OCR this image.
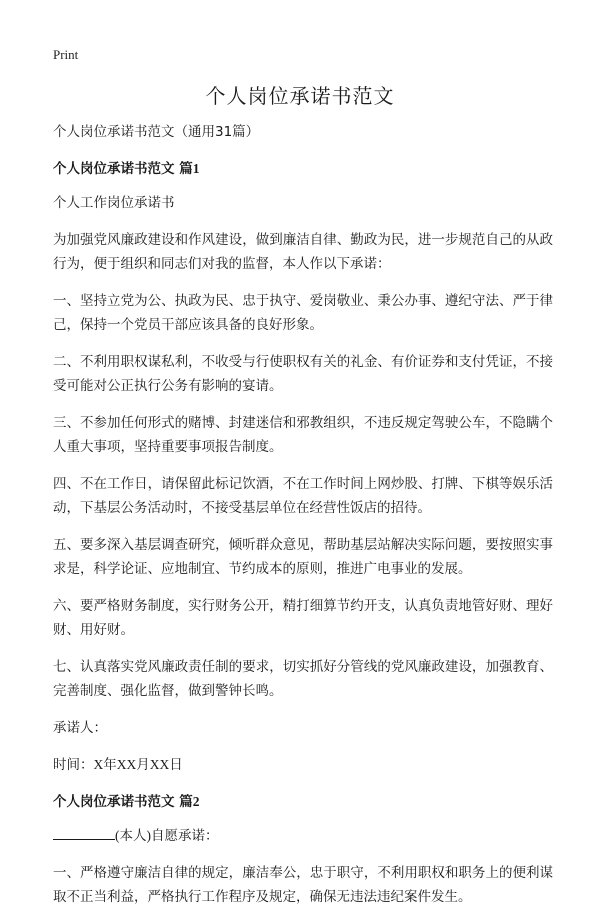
Print
个人岗位承诺书范文

个人岗位承诺书范文（通用31篇）

个人岗位承诺书范文 篇1

个人工作岗位承诺书

为加强党风廉政建设和作风建设，做到廉洁自律、勤政为民，进一步规范自己的从政行为，便于组织和同志们对我的监督，本人作以下承诺：

一、坚持立党为公、执政为民、忠于执守、爱岗敬业、秉公办事、遵纪守法、严于律己，保持一个党员干部应该具备的良好形象。

二、不利用职权谋私利，不收受与行使职权有关的礼金、有价证券和支付凭证，不接受可能对公正执行公务有影响的宴请。

三、不参加任何形式的赌博、封建迷信和邪教组织，不违反规定驾驶公车，不隐瞒个人重大事项，坚持重要事项报告制度。

四、不在工作日，请保留此标记饮酒，不在工作时间上网炒股、打牌、下棋等娱乐活动，下基层公务活动时，不接受基层单位在经营性饭店的招待。

五、要多深入基层调查研究，倾听群众意见，帮助基层站解决实际问题，要按照实事求是，科学论证、应地制宜、节约成本的原则，推进广电事业的发展。

六、要严格财务制度，实行财务公开，精打细算节约开支，认真负责地管好财、理好财、用好财。

七、认真落实党风廉政责任制的要求，切实抓好分管线的党风廉政建设，加强教育、完善制度、强化监督，做到警钟长鸣。

承诺人：

时间：X年XX月XX日

个人岗位承诺书范文 篇2

(本人)自愿承诺：

一、严格遵守廉洁自律的规定，廉洁奉公，忠于职守，不利用职权和职务上的便利谋取不正当利益，严格执行工作程序及规定，确保无违法违纪案件发生。
